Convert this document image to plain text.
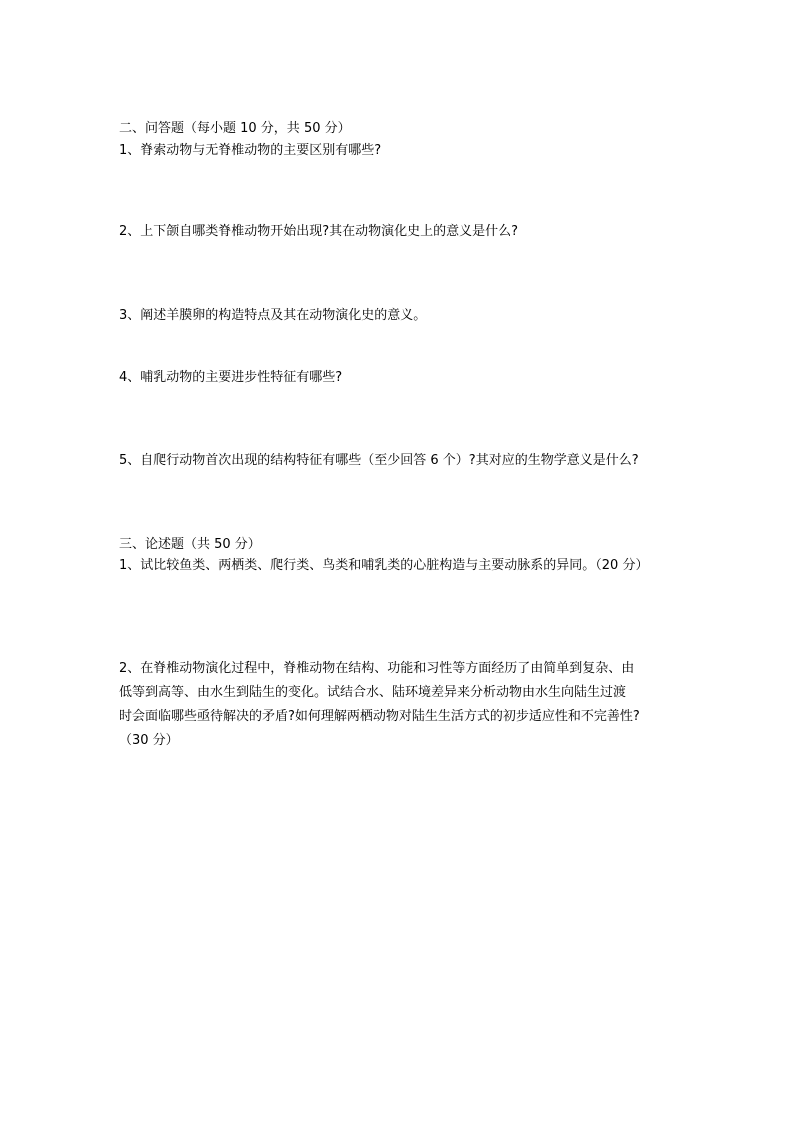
二、问答题（每小题 10 分，共 50 分）
1、脊索动物与无脊椎动物的主要区别有哪些?
2、上下颌自哪类脊椎动物开始出现?其在动物演化史上的意义是什么?
3、阐述羊膜卵的构造特点及其在动物演化史的意义。
4、哺乳动物的主要进步性特征有哪些?
5、自爬行动物首次出现的结构特征有哪些（至少回答 6 个）?其对应的生物学意义是什么?
三、论述题（共 50 分）
1、试比较鱼类、两栖类、爬行类、鸟类和哺乳类的心脏构造与主要动脉系的异同。（20 分）
2、在脊椎动物演化过程中，脊椎动物在结构、功能和习性等方面经历了由简单到复杂、由
低等到高等、由水生到陆生的变化。试结合水、陆环境差异来分析动物由水生向陆生过渡
时会面临哪些亟待解决的矛盾?如何理解两栖动物对陆生生活方式的初步适应性和不完善性?
（30 分）
